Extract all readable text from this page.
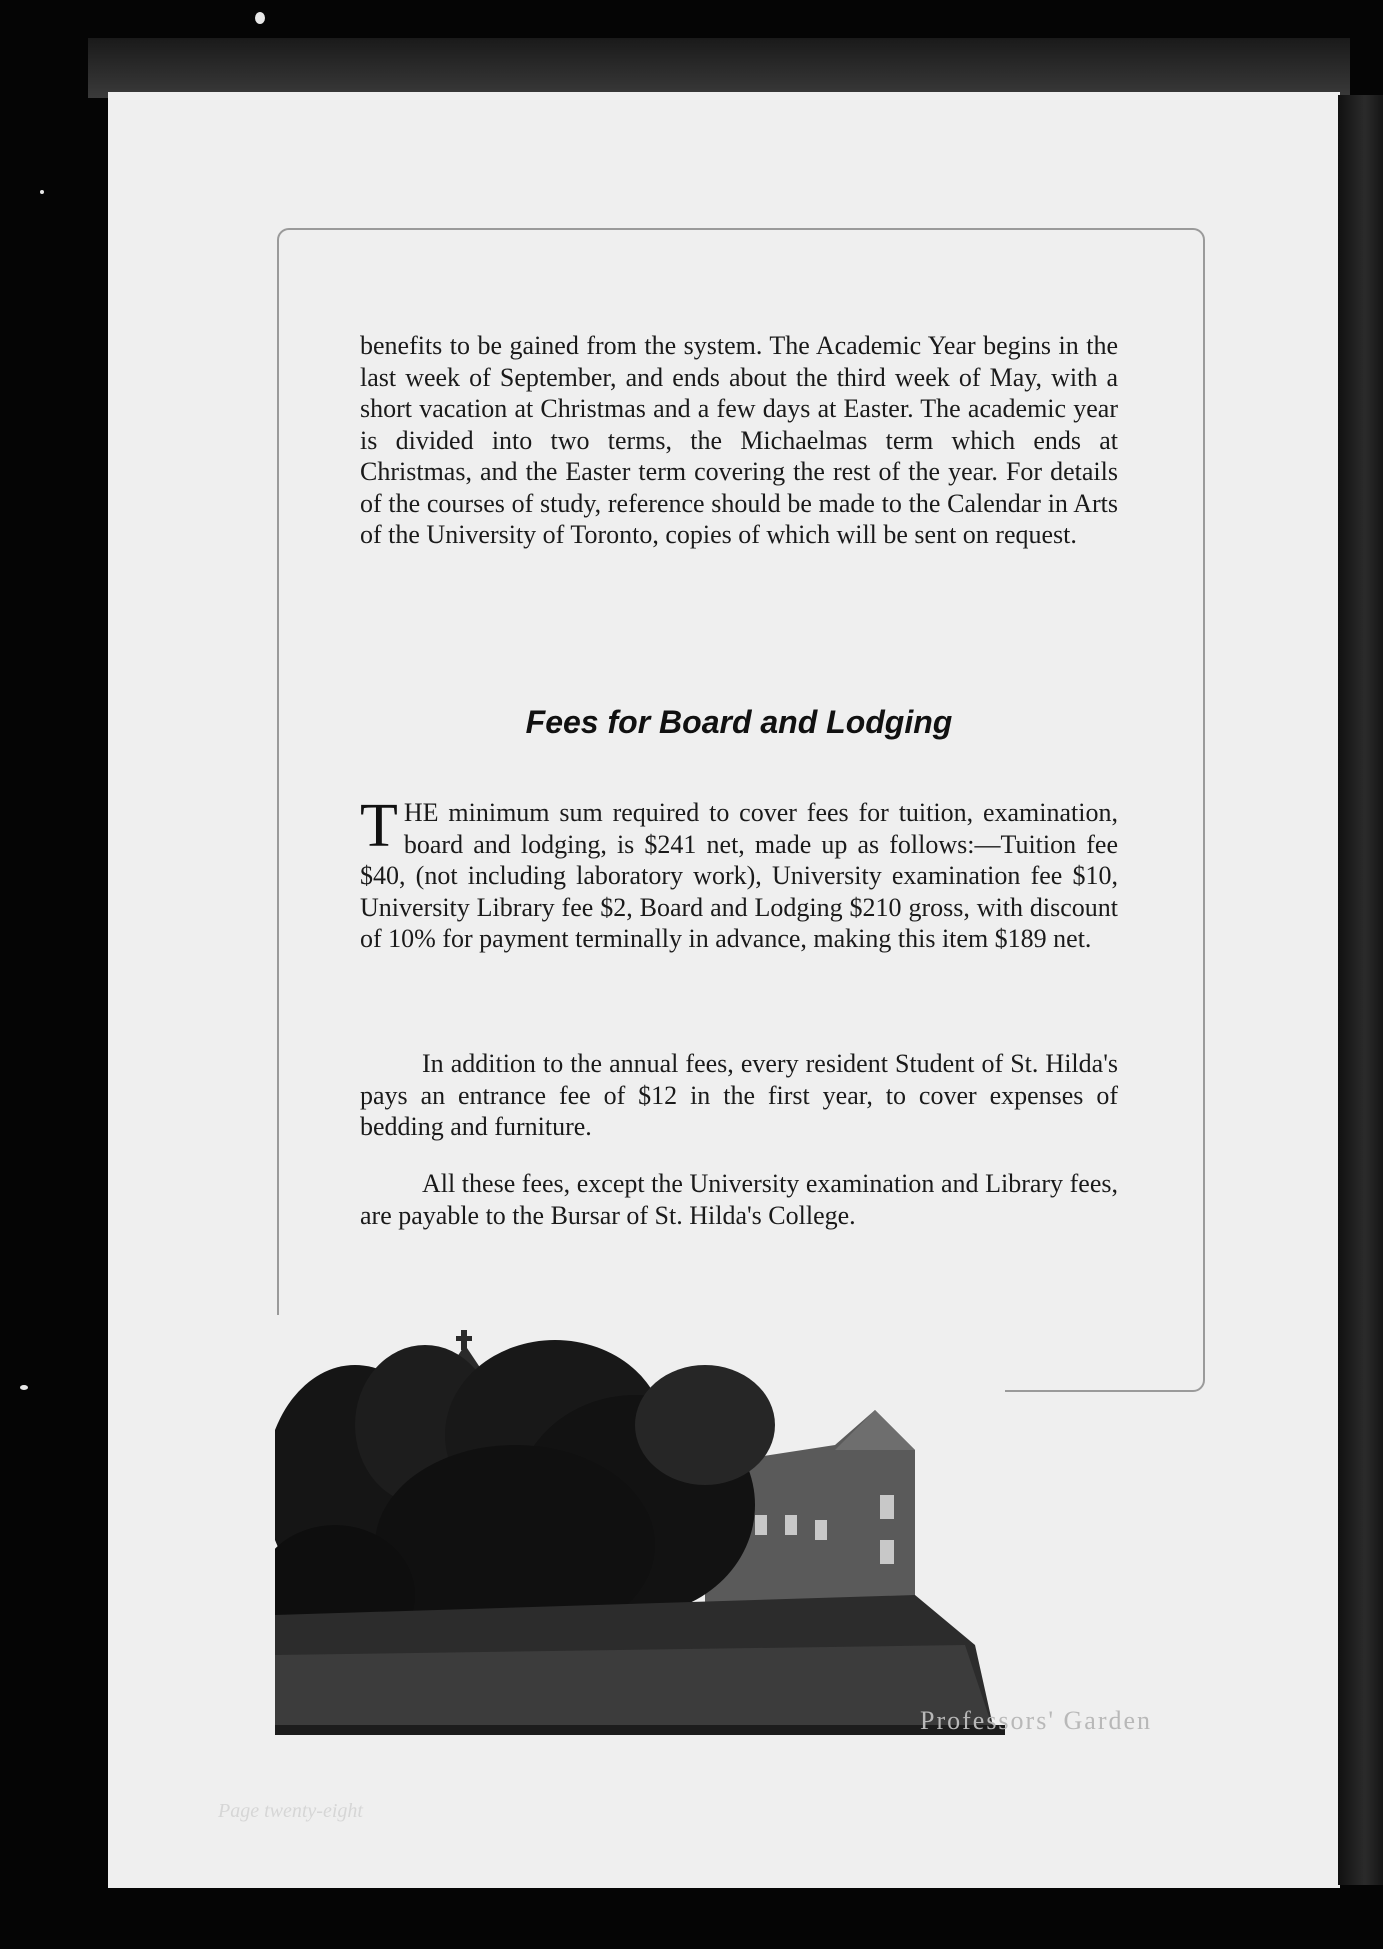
benefits to be gained from the system. The Academic Year begins in the last week of September, and ends about the third week of May, with a short vacation at Christmas and a few days at Easter. The academic year is divided into two terms, the Michaelmas term which ends at Christmas, and the Easter term covering the rest of the year. For details of the courses of study, reference should be made to the Calendar in Arts of the University of Toronto, copies of which will be sent on request.

Fees for Board and Lodging

THE minimum sum required to cover fees for tuition, examination, board and lodging, is $241 net, made up as follows:—Tuition fee $40, (not including laboratory work), University examination fee $10, University Library fee $2, Board and Lodging $210 gross, with discount of 10% for payment terminally in advance, making this item $189 net.

In addition to the annual fees, every resident Student of St. Hilda's pays an entrance fee of $12 in the first year, to cover expenses of bedding and furniture.

All these fees, except the University examination and Library fees, are payable to the Bursar of St. Hilda's College.

Professors' Garden

Page twenty-eight
